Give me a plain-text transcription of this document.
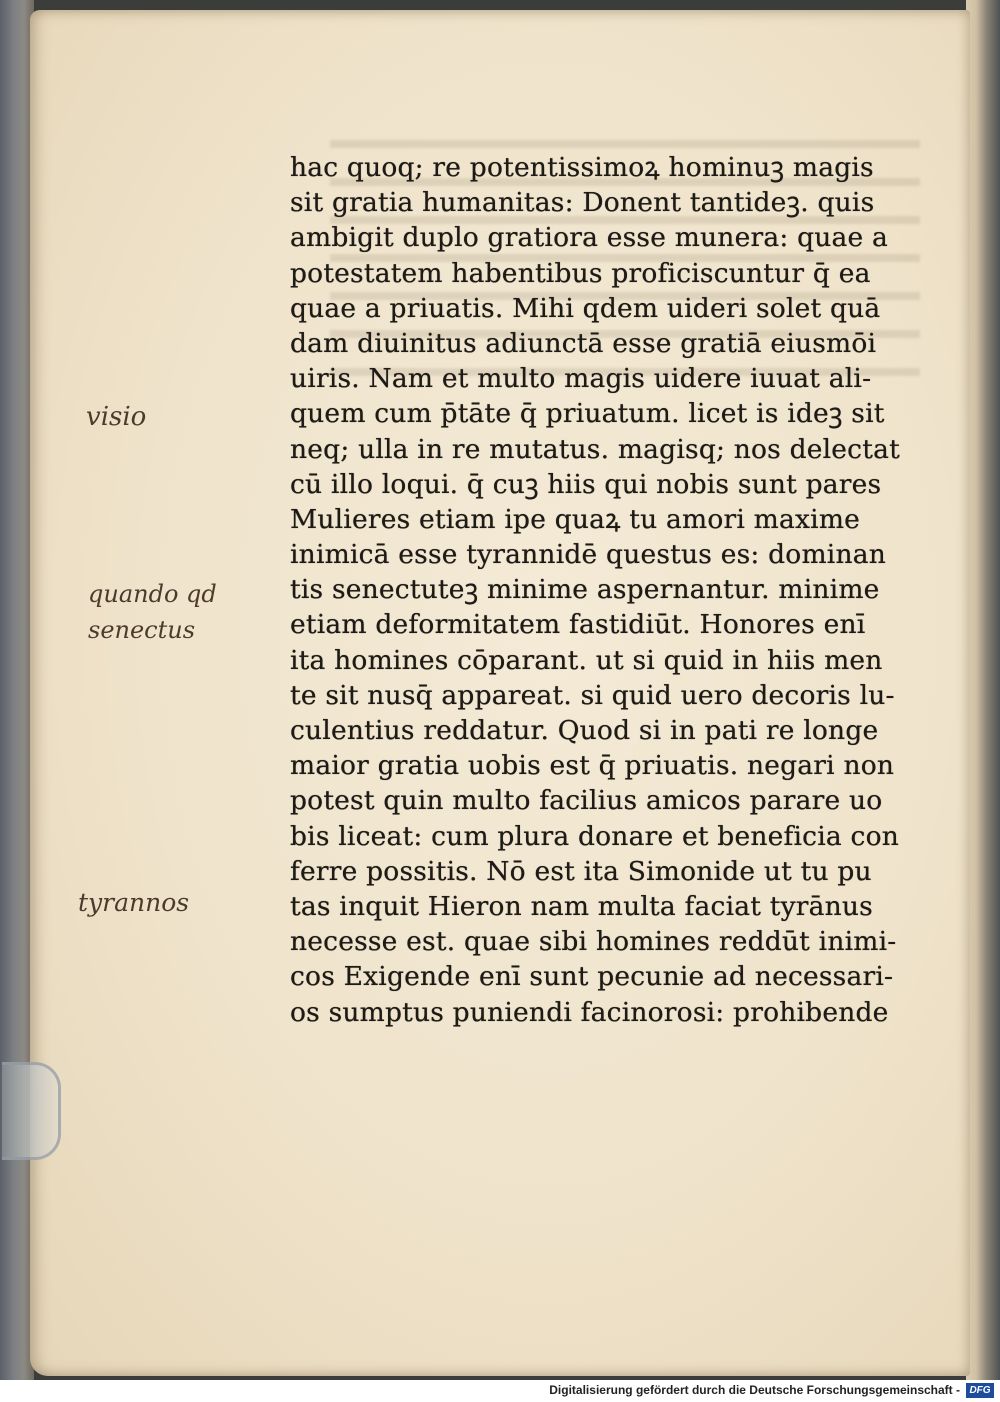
hac quoq; re potentissimoꝝ hominuꝫ magis
sit gratia humanitas: Donent tantideꝫ. quis
ambigit duplo gratiora esse munera: quae a
potestatem habentibus proficiscuntur q̄ ea
quae a priuatis. Mihi qdem uideri solet quā
dam diuinitus adiunctā esse gratiā eiusmōi
uiris. Nam et multo magis uidere iuuat ali-
quem cum p̄tāte q̄ priuatum. licet is ideꝫ sit
neq; ulla in re mutatus. magisq; nos delectat
cū illo loqui. q̄ cuꝫ hiis qui nobis sunt pares
Mulieres etiam ipe quaꝝ tu amori maxime
inimicā esse tyrannidē questus es: dominan
tis senectuteꝫ minime aspernantur. minime
etiam deformitatem fastidiūt. Honores enī
ita homines cōparant. ut si quid in hiis men
te sit nusq̄ appareat. si quid uero decoris lu-
culentius reddatur. Quod si in pati re longe
maior gratia uobis est q̄ priuatis. negari non
potest quin multo facilius amicos parare uo
bis liceat: cum plura donare et beneficia con
ferre possitis. Nō est ita Simonide ut tu pu
tas inquit Hieron nam multa faciat tyrānus
necesse est. quae sibi homines reddūt inimi-
cos Exigende enī sunt pecunie ad necessari-
os sumptus puniendi facinorosi: prohibende
visio
quando qd
senectus
tyrannos
Digitalisierung gefördert durch die Deutsche Forschungsgemeinschaft - DFG
